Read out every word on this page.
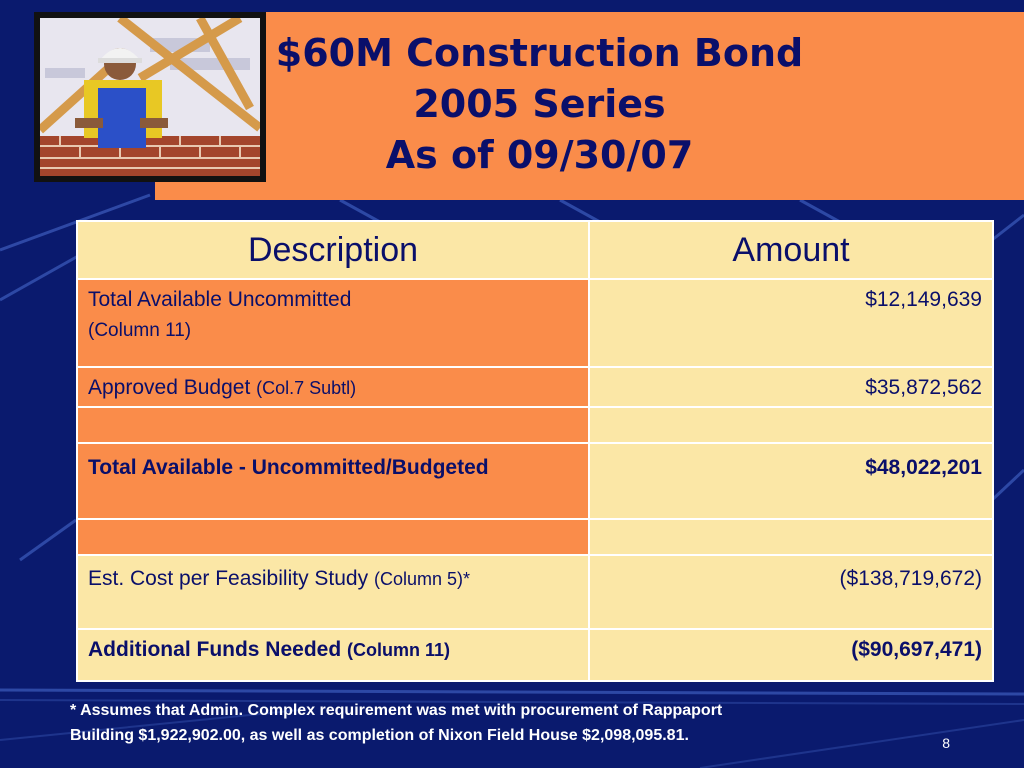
$60M Construction Bond
2005 Series
As of 09/30/07
Description	Amount
Total Available Uncommitted
(Column 11)	$12,149,639
Approved Budget (Col.7 Subtl)	$35,872,562

Total Available - Uncommitted/Budgeted	$48,022,201

Est. Cost per Feasibility Study (Column 5)*	($138,719,672)
Additional Funds Needed (Column 11)	($90,697,471)
* Assumes that Admin. Complex requirement was met with procurement of Rappaport
Building $1,922,902.00, as well as completion of Nixon Field House $2,098,095.81.	8
